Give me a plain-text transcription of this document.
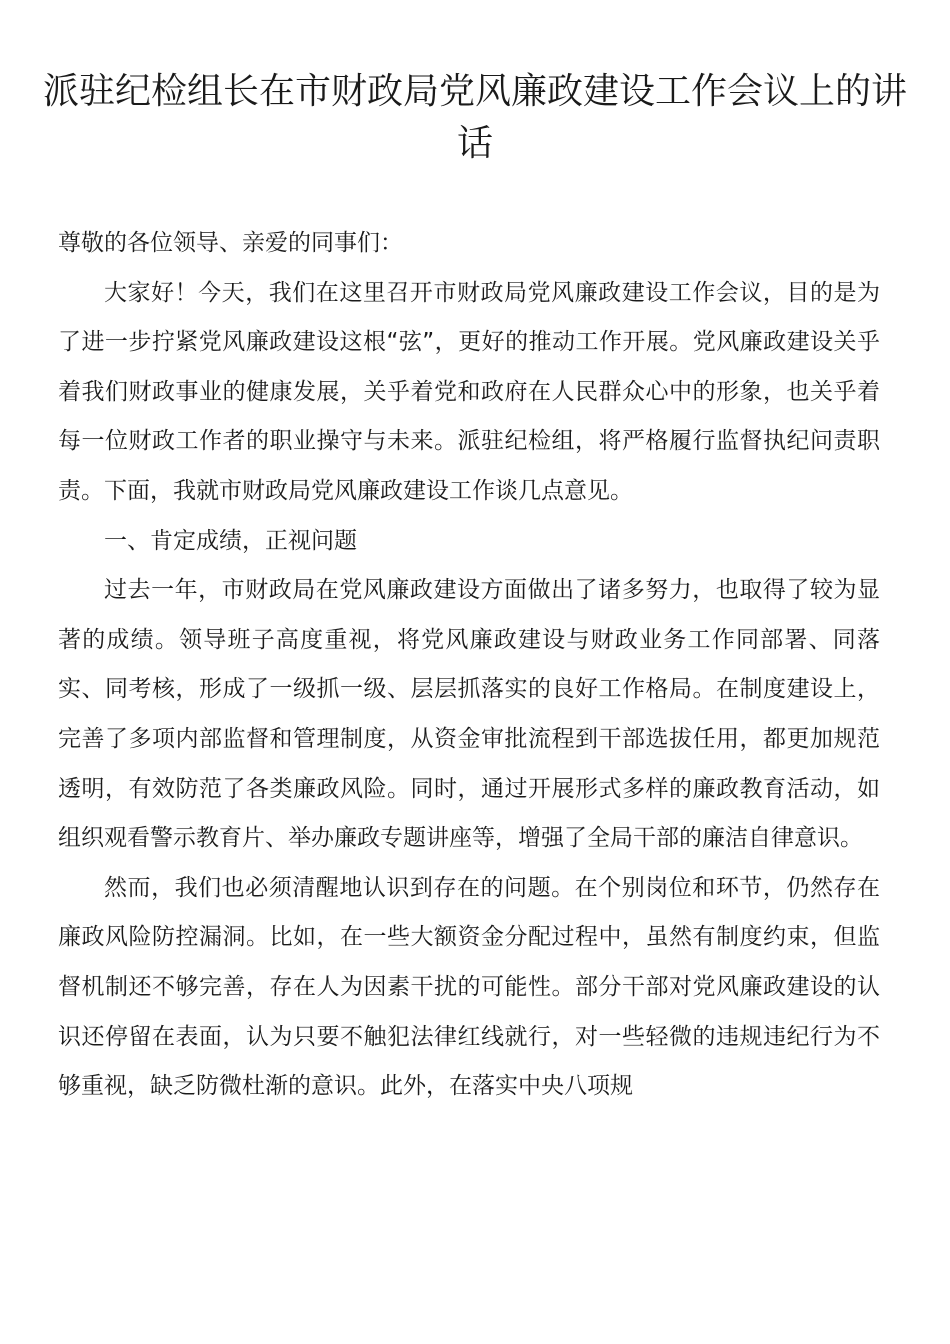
派驻纪检组长在市财政局党风廉政建设工作会议上的讲话

尊敬的各位领导、亲爱的同事们：

大家好！今天，我们在这里召开市财政局党风廉政建设工作会议，目的是为了进一步拧紧党风廉政建设这根“弦”，更好的推动工作开展。党风廉政建设关乎着我们财政事业的健康发展，关乎着党和政府在人民群众心中的形象，也关乎着每一位财政工作者的职业操守与未来。派驻纪检组，将严格履行监督执纪问责职责。下面，我就市财政局党风廉政建设工作谈几点意见。

一、肯定成绩，正视问题

过去一年，市财政局在党风廉政建设方面做出了诸多努力，也取得了较为显著的成绩。领导班子高度重视，将党风廉政建设与财政业务工作同部署、同落实、同考核，形成了一级抓一级、层层抓落实的良好工作格局。在制度建设上，完善了多项内部监督和管理制度，从资金审批流程到干部选拔任用，都更加规范透明，有效防范了各类廉政风险。同时，通过开展形式多样的廉政教育活动，如组织观看警示教育片、举办廉政专题讲座等，增强了全局干部的廉洁自律意识。

然而，我们也必须清醒地认识到存在的问题。在个别岗位和环节，仍然存在廉政风险防控漏洞。比如，在一些大额资金分配过程中，虽然有制度约束，但监督机制还不够完善，存在人为因素干扰的可能性。部分干部对党风廉政建设的认识还停留在表面，认为只要不触犯法律红线就行，对一些轻微的违规违纪行为不够重视，缺乏防微杜渐的意识。此外，在落实中央八项规
